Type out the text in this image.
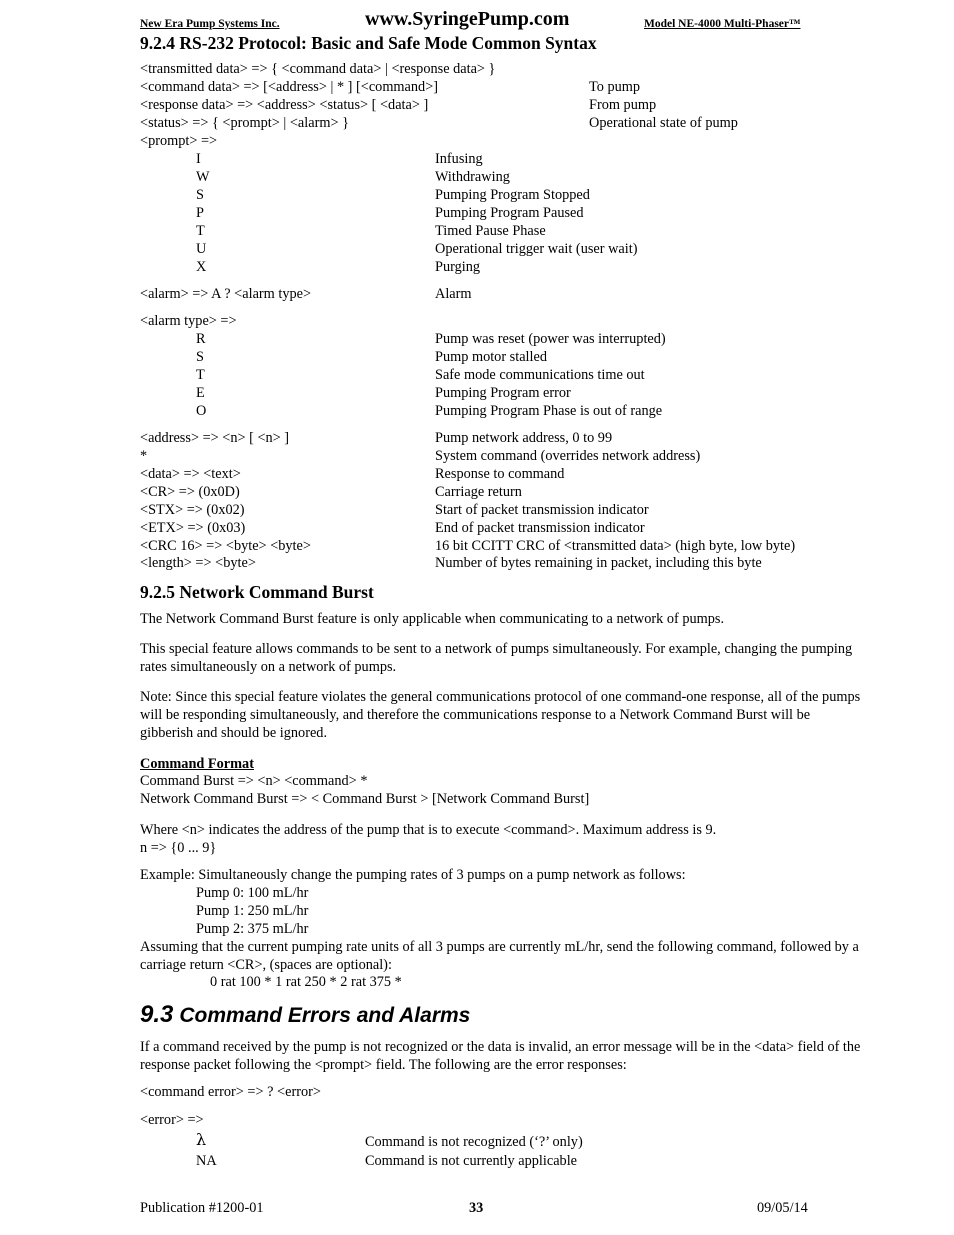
New Era Pump Systems Inc.	www.SyringePump.com	Model NE-4000 Multi-Phaser™
9.2.4 RS-232 Protocol: Basic and Safe Mode Common Syntax
<transmitted data> => { <command data> | <response data> }
<command data> => [<address> | * ] [<command>]	To pump
<response data> => <address> <status> [ <data> ]	From pump
<status> => { <prompt> | <alarm> }	Operational state of pump
<prompt> =>
I	Infusing
W	Withdrawing
S	Pumping Program Stopped
P	Pumping Program Paused
T	Timed Pause Phase
U	Operational trigger wait (user wait)
X	Purging
<alarm> => A ? <alarm type>	Alarm
<alarm type> =>
R	Pump was reset (power was interrupted)
S	Pump motor stalled
T	Safe mode communications time out
E	Pumping Program error
O	Pumping Program Phase is out of range
<address> => <n> [ <n> ]	Pump network address, 0 to 99
*	System command (overrides network address)
<data> => <text>	Response to command
<CR> => (0x0D)	Carriage return
<STX> => (0x02)	Start of packet transmission indicator
<ETX> => (0x03)	End of packet transmission indicator
<CRC 16> => <byte> <byte>	16 bit CCITT CRC of <transmitted data> (high byte, low byte)
<length> => <byte>	Number of bytes remaining in packet, including this byte
9.2.5 Network Command Burst
The Network Command Burst feature is only applicable when communicating to a network of pumps.
This special feature allows commands to be sent to a network of pumps simultaneously. For example, changing the pumping rates simultaneously on a network of pumps.
Note: Since this special feature violates the general communications protocol of one command-one response, all of the pumps will be responding simultaneously, and therefore the communications response to a Network Command Burst will be gibberish and should be ignored.
Command Format
Command Burst => <n> <command> *
Network Command Burst => < Command Burst > [Network Command Burst]
Where <n> indicates the address of the pump that is to execute <command>. Maximum address is 9.
n => {0 ... 9}
Example: Simultaneously change the pumping rates of 3 pumps on a pump network as follows:
Pump 0: 100 mL/hr
Pump 1: 250 mL/hr
Pump 2: 375 mL/hr
Assuming that the current pumping rate units of all 3 pumps are currently mL/hr, send the following command, followed by a carriage return <CR>, (spaces are optional):
0 rat 100 * 1 rat 250 * 2 rat 375 *
9.3 Command Errors and Alarms
If a command received by the pump is not recognized or the data is invalid, an error message will be in the <data> field of the response packet following the <prompt> field. The following are the error responses:
<command error> => ? <error>
<error> =>
λ	Command is not recognized (‘?’ only)
NA	Command is not currently applicable
Publication #1200-01	33	09/05/14
